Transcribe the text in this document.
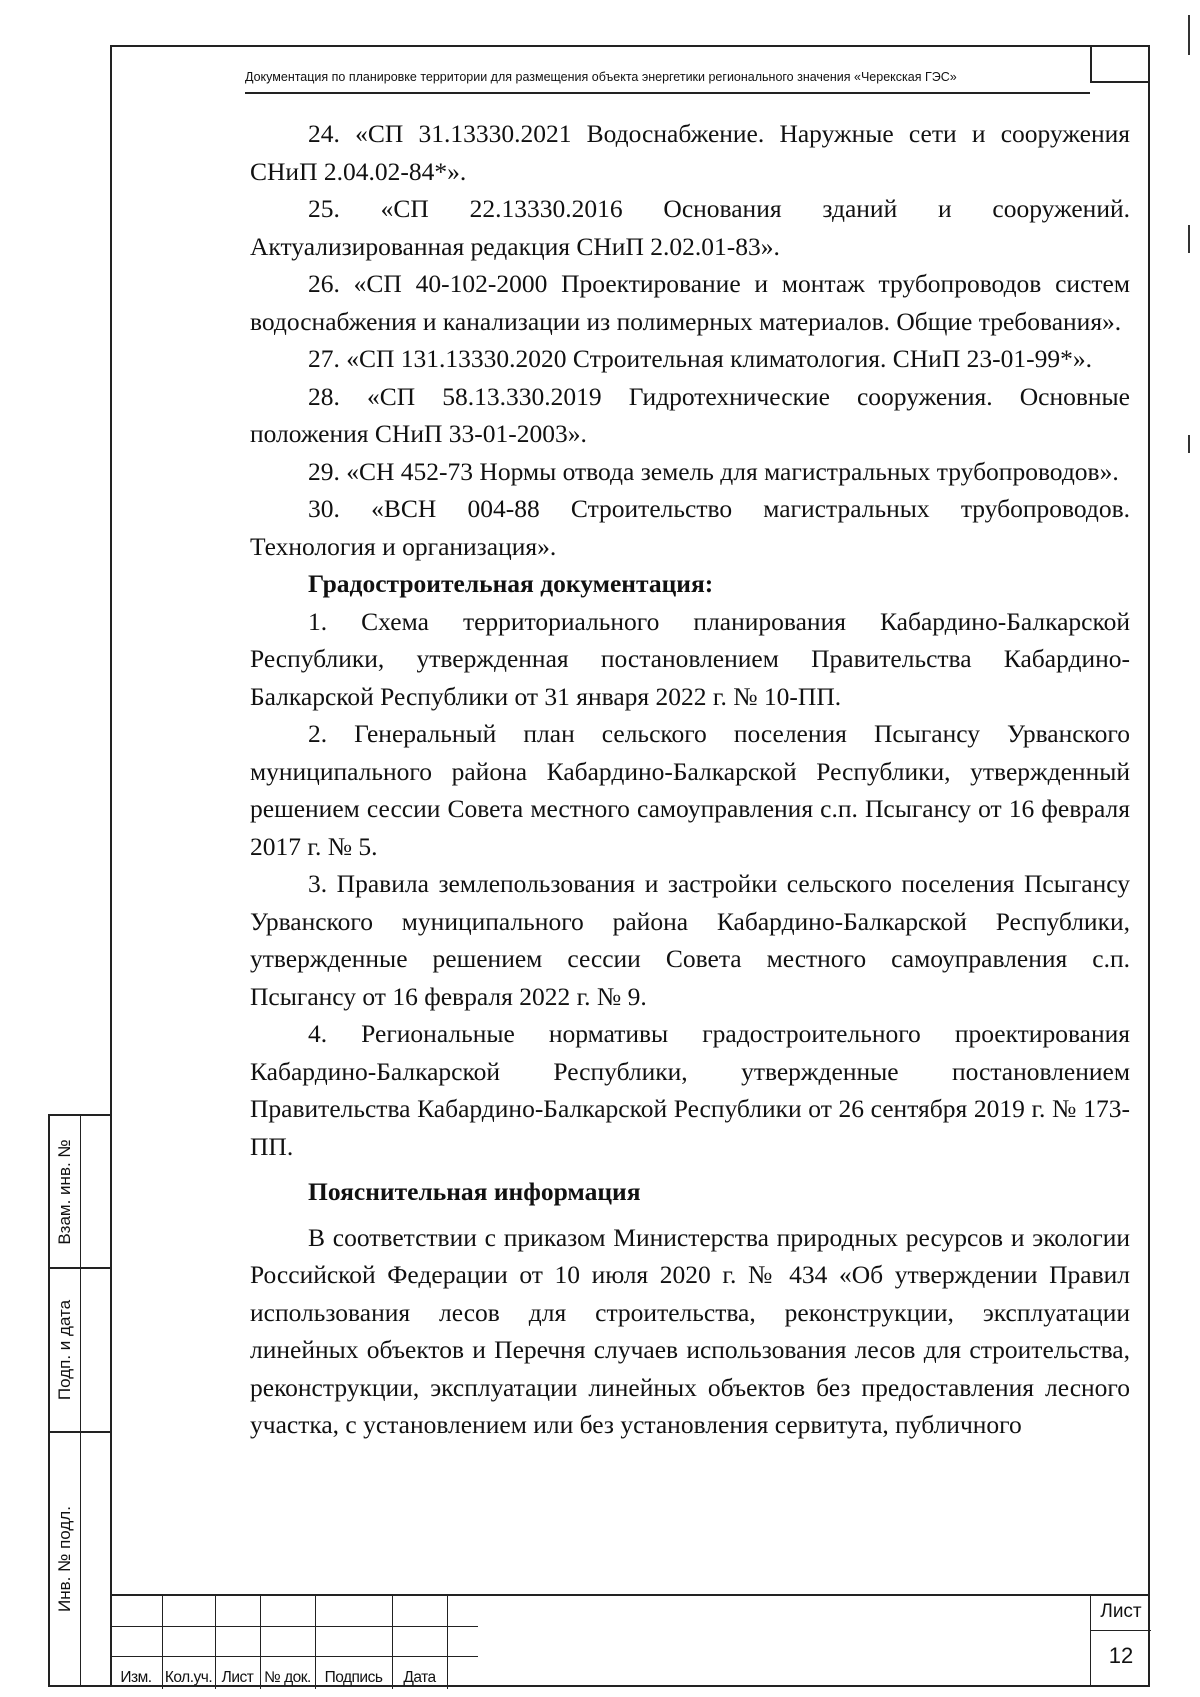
Документация по планировке территории для размещения объекта энергетики регионального значения «Черекская ГЭС»

24. «СП 31.13330.2021 Водоснабжение. Наружные сети и сооружения СНиП 2.04.02-84*».

25. «СП 22.13330.2016 Основания зданий и сооружений. Актуализированная редакция СНиП 2.02.01-83».

26. «СП 40-102-2000 Проектирование и монтаж трубопроводов систем водоснабжения и канализации из полимерных материалов. Общие требования».

27. «СП 131.13330.2020 Строительная климатология. СНиП 23-01-99*».

28. «СП 58.13.330.2019 Гидротехнические сооружения. Основные положения СНиП 33-01-2003».

29. «СН 452-73 Нормы отвода земель для магистральных трубопроводов».

30. «ВСН 004-88 Строительство магистральных трубопроводов. Технология и организация».

Градостроительная документация:

1. Схема территориального планирования Кабардино-Балкарской Республики, утвержденная постановлением Правительства Кабардино-Балкарской Республики от 31 января 2022 г. № 10-ПП.

2. Генеральный план сельского поселения Псыгансу Урванского муниципального района Кабардино-Балкарской Республики, утвержденный решением сессии Совета местного самоуправления с.п. Псыгансу от 16 февраля 2017 г. № 5.

3. Правила землепользования и застройки сельского поселения Псыгансу Урванского муниципального района Кабардино-Балкарской Республики, утвержденные решением сессии Совета местного самоуправления с.п. Псыгансу от 16 февраля 2022 г. № 9.

4. Региональные нормативы градостроительного проектирования Кабардино-Балкарской Республики, утвержденные постановлением Правительства Кабардино-Балкарской Республики от 26 сентября 2019 г. № 173-ПП.

Пояснительная информация

В соответствии с приказом Министерства природных ресурсов и экологии Российской Федерации от 10 июля 2020 г. № 434 «Об утверждении Правил использования лесов для строительства, реконструкции, эксплуатации линейных объектов и Перечня случаев использования лесов для строительства, реконструкции, эксплуатации линейных объектов без предоставления лесного участка, с установлением или без установления сервитута, публичного

Взам. инв. №
Подп. и дата
Инв. № подл.
Изм. Кол.уч. Лист № док. Подпись	Дата
Лист
12
